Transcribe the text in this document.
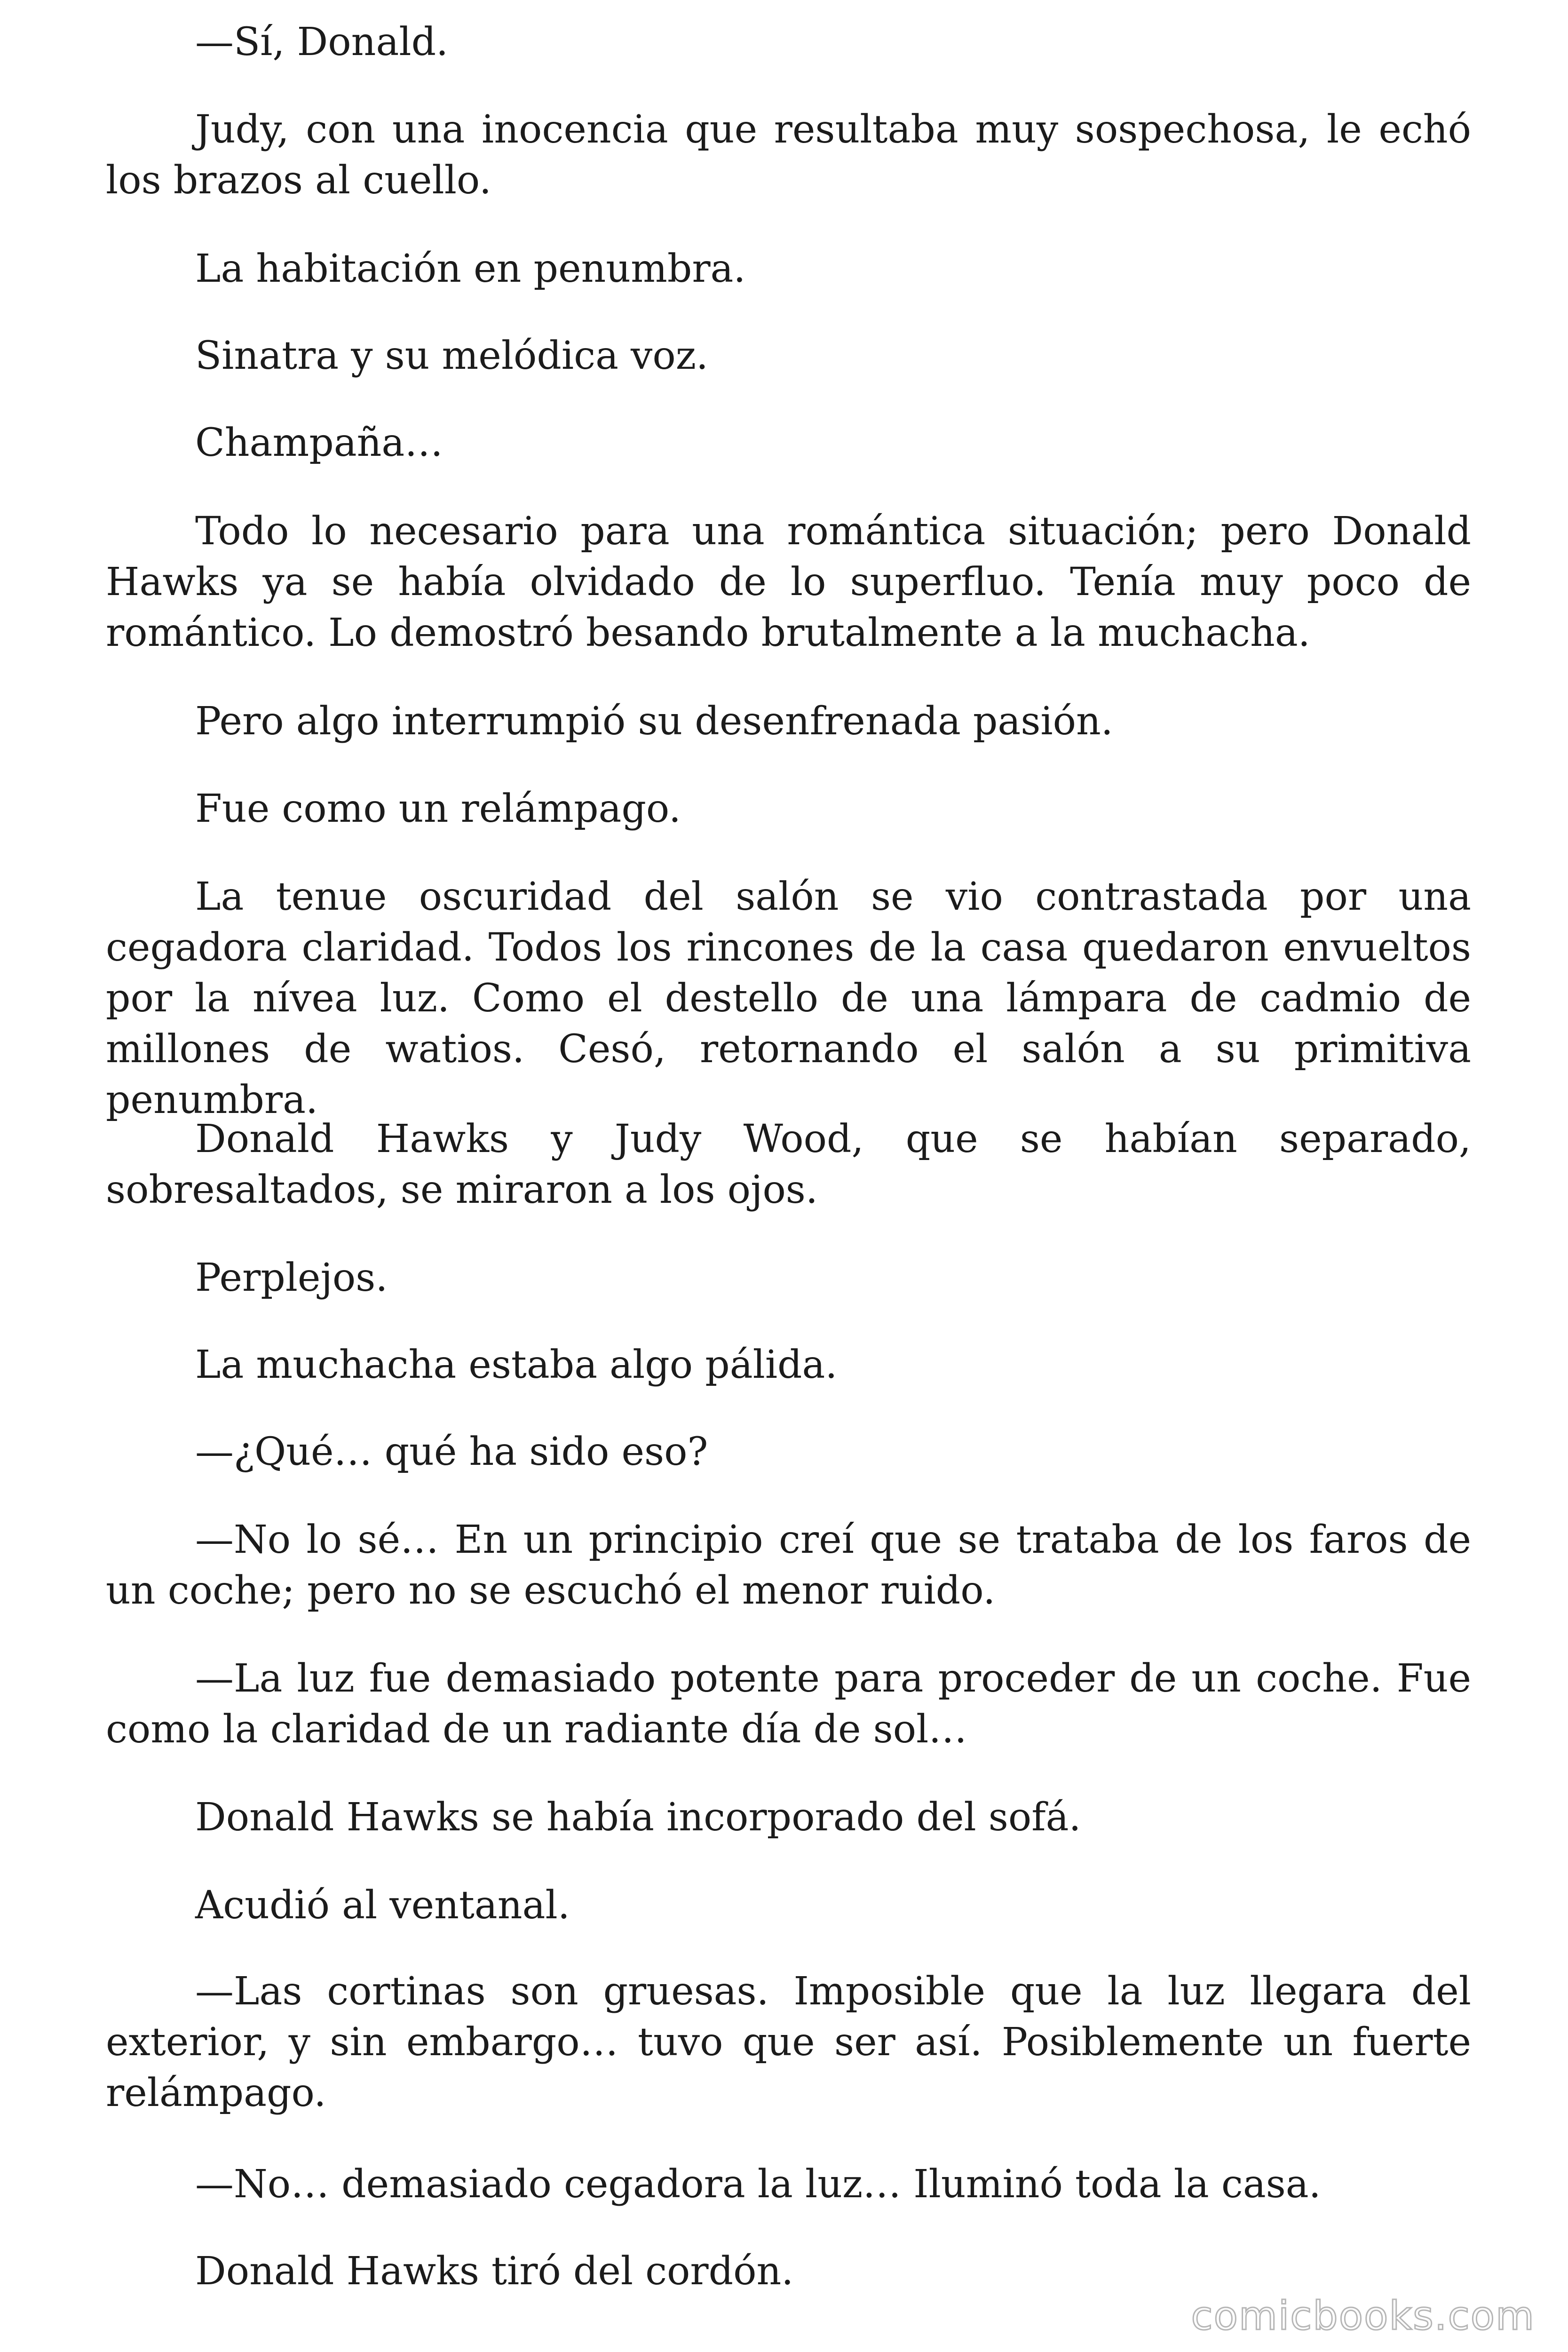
—Sí, Donald.

Judy, con una inocencia que resultaba muy sospechosa, le echó los brazos al cuello.

La habitación en penumbra.

Sinatra y su melódica voz.

Champaña…

Todo lo necesario para una romántica situación; pero Donald Hawks ya se había olvidado de lo superfluo. Tenía muy poco de romántico. Lo demostró besando brutalmente a la muchacha.

Pero algo interrumpió su desenfrenada pasión.

Fue como un relámpago.

La tenue oscuridad del salón se vio contrastada por una cegadora claridad. Todos los rincones de la casa quedaron envueltos por la nívea luz. Como el destello de una lámpara de cadmio de millones de watios. Cesó, retornando el salón a su primitiva penumbra.

Donald Hawks y Judy Wood, que se habían separado, sobresaltados, se miraron a los ojos.

Perplejos.

La muchacha estaba algo pálida.

—¿Qué… qué ha sido eso?

—No lo sé… En un principio creí que se trataba de los faros de un coche; pero no se escuchó el menor ruido.

—La luz fue demasiado potente para proceder de un coche. Fue como la claridad de un radiante día de sol…

Donald Hawks se había incorporado del sofá.

Acudió al ventanal.

—Las cortinas son gruesas. Imposible que la luz llegara del exterior, y sin embargo… tuvo que ser así. Posiblemente un fuerte relámpago.

—No… demasiado cegadora la luz… Iluminó toda la casa.

Donald Hawks tiró del cordón.

comicbooks.com
